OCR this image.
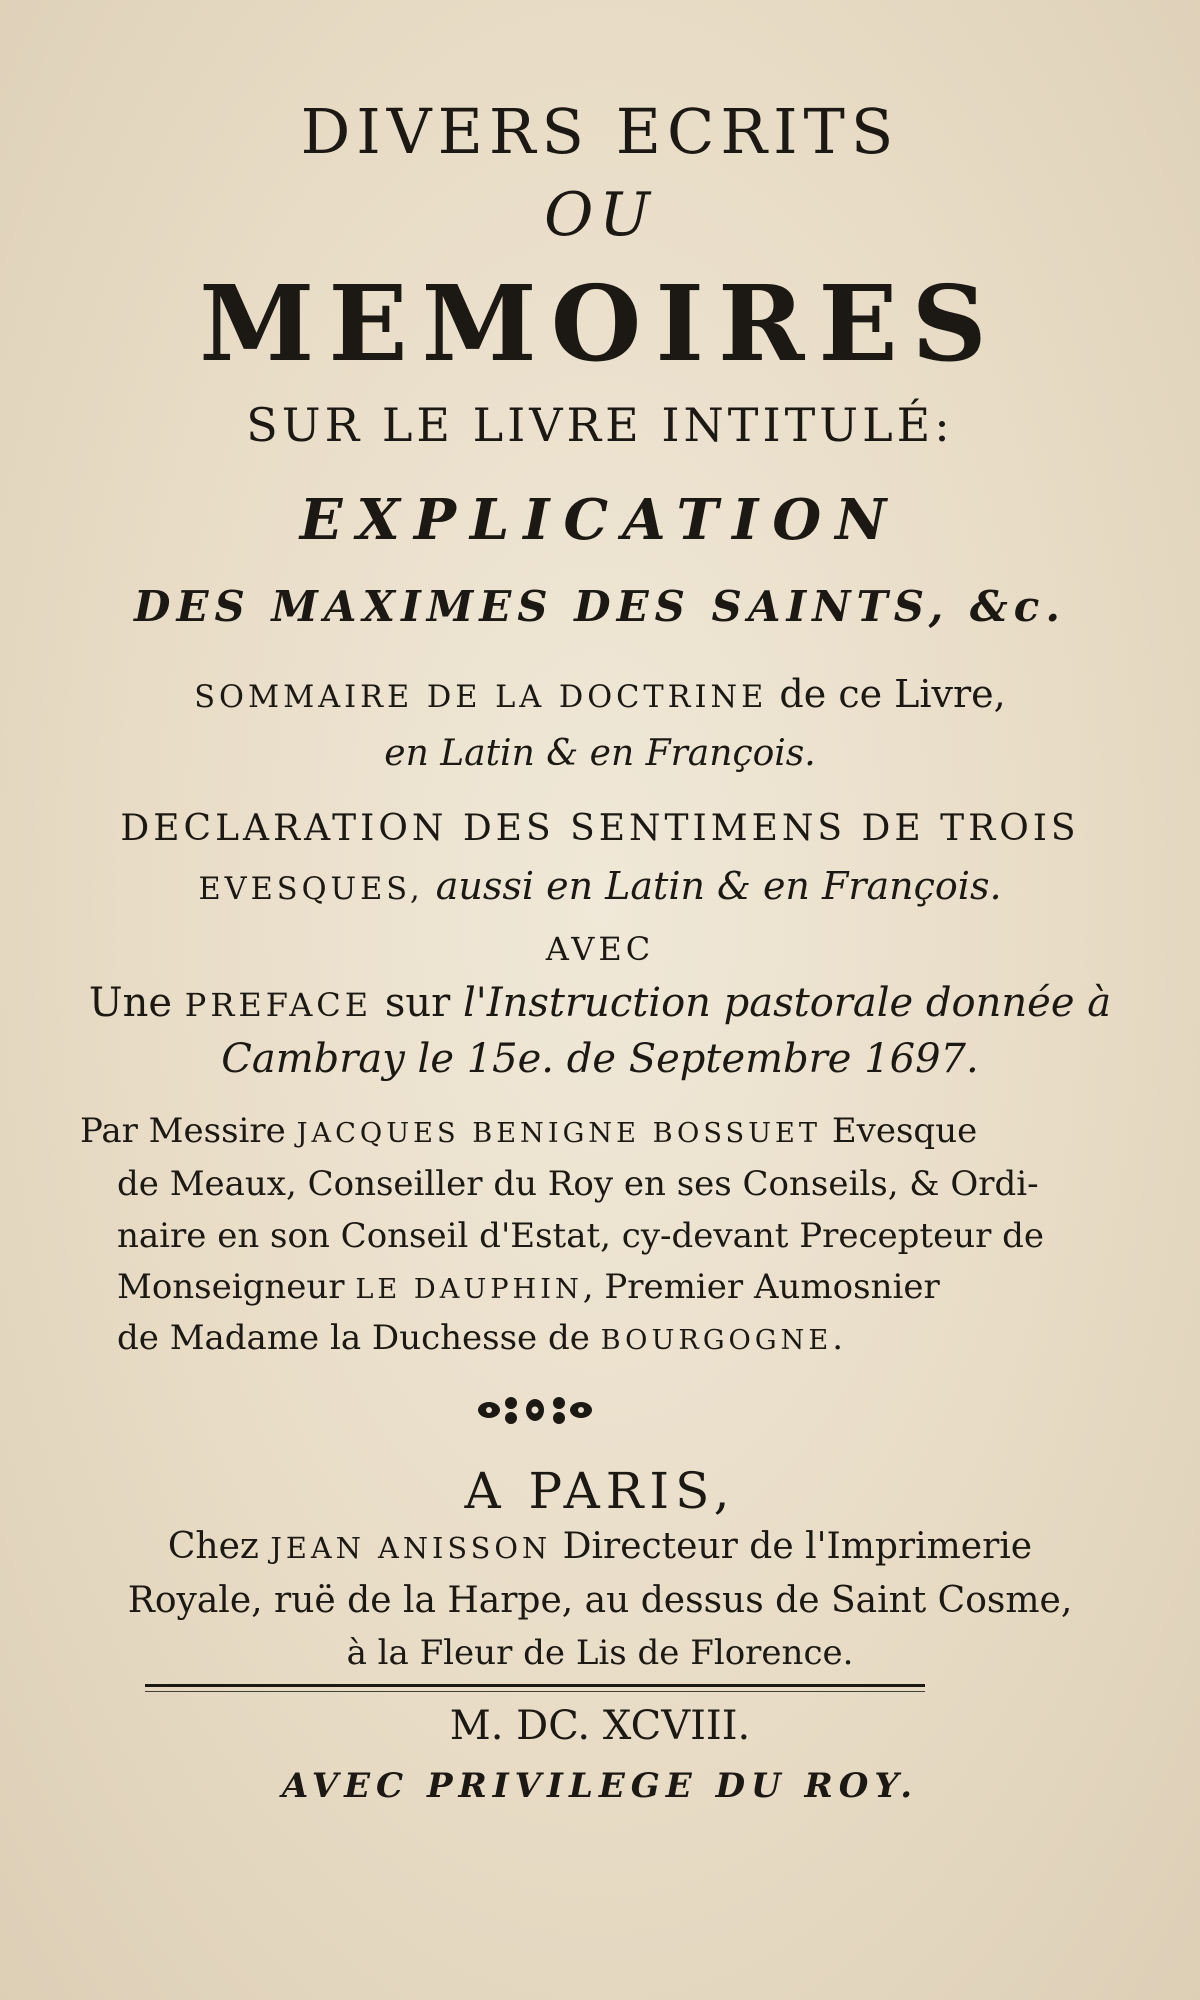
DIVERS ECRITS
OU
MEMOIRES
SUR LE LIVRE INTITULÉ:
EXPLICATION
DES MAXIMES DES SAINTS, &c.
SOMMAIRE DE LA DOCTRINE de ce Livre,
en Latin & en François.
DECLARATION DES SENTIMENS DE TROIS
EVESQUES, aussi en Latin & en François.
AVEC
Une PREFACE sur l'Instruction pastorale donnée à
Cambray le 15e. de Septembre 1697.
Par Messire JACQUES BENIGNE BOSSUET Evesque
de Meaux, Conseiller du Roy en ses Conseils, & Ordi-
naire en son Conseil d'Estat, cy-devant Precepteur de
Monseigneur LE DAUPHIN, Premier Aumosnier
de Madame la Duchesse de BOURGOGNE.
A PARIS,
Chez JEAN ANISSON Directeur de l'Imprimerie
Royale, ruë de la Harpe, au dessus de Saint Cosme,
à la Fleur de Lis de Florence.
M. DC. XCVIII.
AVEC PRIVILEGE DU ROY.
